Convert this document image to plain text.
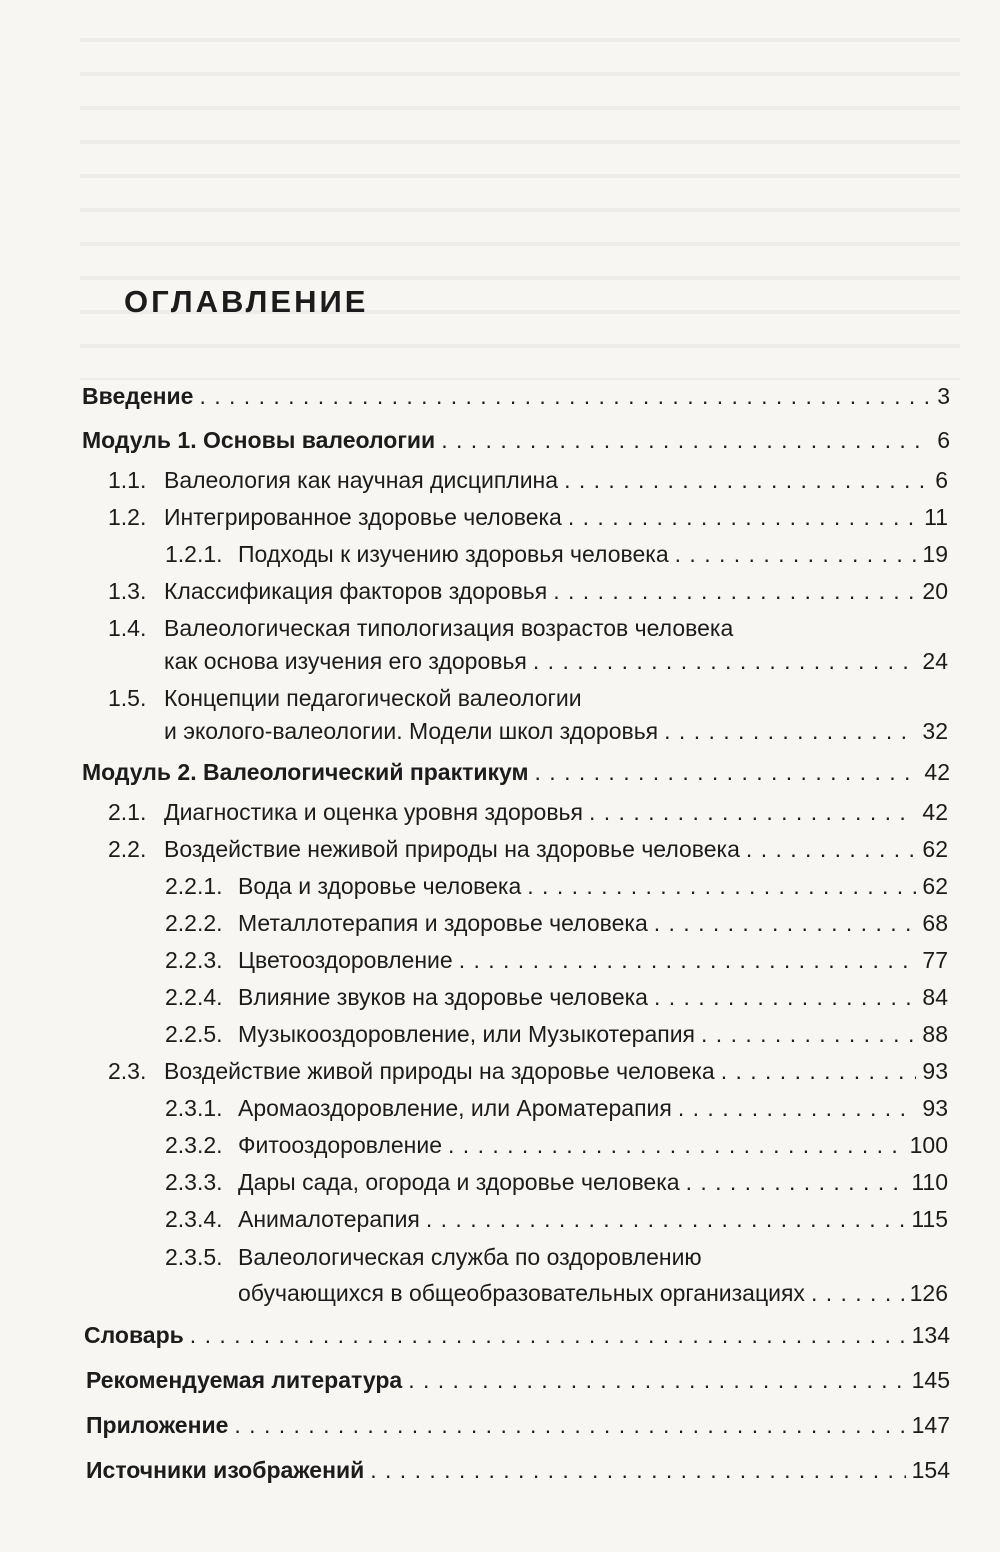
ОГЛАВЛЕНИЕ
Введение . . .	3
Модуль 1. Основы валеологии . . .	6
1.1. Валеология как научная дисциплина . . .	6
1.2. Интегрированное здоровье человека . . .	11
1.2.1. Подходы к изучению здоровья человека . . .	19
1.3. Классификация факторов здоровья . . .	20
1.4. Валеологическая типологизация возрастов человека
как основа изучения его здоровья . . .	24
1.5. Концепции педагогической валеологии
и эколого-валеологии. Модели школ здоровья . . .	32
Модуль 2. Валеологический практикум . . .	42
2.1. Диагностика и оценка уровня здоровья . . .	42
2.2. Воздействие неживой природы на здоровье человека . . .	62
2.2.1. Вода и здоровье человека . . .	62
2.2.2. Металлотерапия и здоровье человека . . .	68
2.2.3. Цветооздоровление . . .	77
2.2.4. Влияние звуков на здоровье человека . . .	84
2.2.5. Музыкооздоровление, или Музыкотерапия . . .	88
2.3. Воздействие живой природы на здоровье человека . . .	93
2.3.1. Аромаоздоровление, или Ароматерапия . . .	93
2.3.2. Фитооздоровление . . .	100
2.3.3. Дары сада, огорода и здоровье человека . . .	110
2.3.4. Анималотерапия . . .	115
2.3.5. Валеологическая служба по оздоровлению
обучающихся в общеобразовательных организациях . . .	126
Словарь . . .	134
Рекомендуемая литература . . .	145
Приложение . . .	147
Источники изображений . . .	154
